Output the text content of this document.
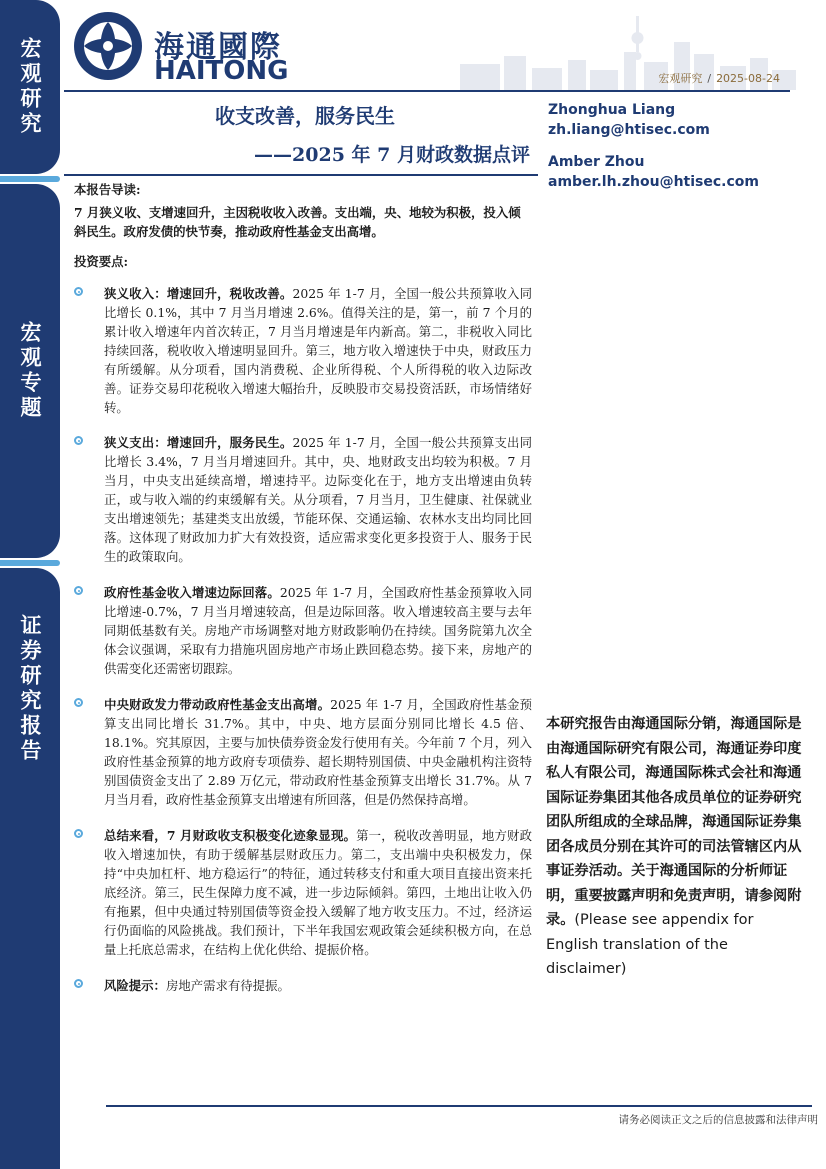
宏观研究
宏观专题
证券研究报告
海通國際
HAITONG	宏观研究 / 2025-08-24
收支改善，服务民生
——2025 年 7 月财政数据点评
Zhonghua Liang
zh.liang@htisec.com
Amber Zhou
amber.lh.zhou@htisec.com
本报告导读:
7 月狭义收、支增速回升，主因税收收入改善。支出端，央、地较为积极，投入倾斜民生。政府发债的快节奏，推动政府性基金支出高增。
投资要点:
狭义收入：增速回升，税收改善。2025 年 1-7 月，全国一般公共预算收入同比增长 0.1%，其中 7 月当月增速 2.6%。值得关注的是，第一，前 7 个月的累计收入增速年内首次转正，7 月当月增速是年内新高。第二，非税收入同比持续回落，税收收入增速明显回升。第三，地方收入增速快于中央，财政压力有所缓解。从分项看，国内消费税、企业所得税、个人所得税的收入边际改善。证券交易印花税收入增速大幅抬升，反映股市交易投资活跃，市场情绪好转。
狭义支出：增速回升，服务民生。2025 年 1-7 月，全国一般公共预算支出同比增长 3.4%，7 月当月增速回升。其中，央、地财政支出均较为积极。7 月当月，中央支出延续高增，增速持平。边际变化在于，地方支出增速由负转正，或与收入端的约束缓解有关。从分项看，7 月当月，卫生健康、社保就业支出增速领先；基建类支出放缓，节能环保、交通运输、农林水支出均同比回落。这体现了财政加力扩大有效投资，适应需求变化更多投资于人、服务于民生的政策取向。
政府性基金收入增速边际回落。2025 年 1-7 月，全国政府性基金预算收入同比增速-0.7%，7 月当月增速较高，但是边际回落。收入增速较高主要与去年同期低基数有关。房地产市场调整对地方财政影响仍在持续。国务院第九次全体会议强调，采取有力措施巩固房地产市场止跌回稳态势。接下来，房地产的供需变化还需密切跟踪。
中央财政发力带动政府性基金支出高增。2025 年 1-7 月，全国政府性基金预算支出同比增长 31.7%。其中，中央、地方层面分别同比增长 4.5 倍、18.1%。究其原因，主要与加快债券资金发行使用有关。今年前 7 个月，列入政府性基金预算的地方政府专项债券、超长期特别国债、中央金融机构注资特别国债资金支出了 2.89 万亿元，带动政府性基金预算支出增长 31.7%。从 7 月当月看，政府性基金预算支出增速有所回落，但是仍然保持高增。
总结来看，7 月财政收支积极变化迹象显现。第一，税收改善明显，地方财政收入增速加快，有助于缓解基层财政压力。第二，支出端中央积极发力，保持“中央加杠杆、地方稳运行”的特征，通过转移支付和重大项目直接出资来托底经济。第三，民生保障力度不减，进一步边际倾斜。第四，土地出让收入仍有拖累，但中央通过特别国债等资金投入缓解了地方收支压力。不过，经济运行仍面临的风险挑战。我们预计，下半年我国宏观政策会延续积极方向，在总量上托底总需求，在结构上优化供给、提振价格。
风险提示：房地产需求有待提振。
本研究报告由海通国际分销，海通国际是由海通国际研究有限公司，海通证券印度私人有限公司，海通国际株式会社和海通国际证券集团其他各成员单位的证券研究团队所组成的全球品牌，海通国际证券集团各成员分别在其许可的司法管辖区内从事证券活动。关于海通国际的分析师证明，重要披露声明和免责声明，请参阅附录。(Please see appendix for English translation of the disclaimer)
请务必阅读正文之后的信息披露和法律声明
